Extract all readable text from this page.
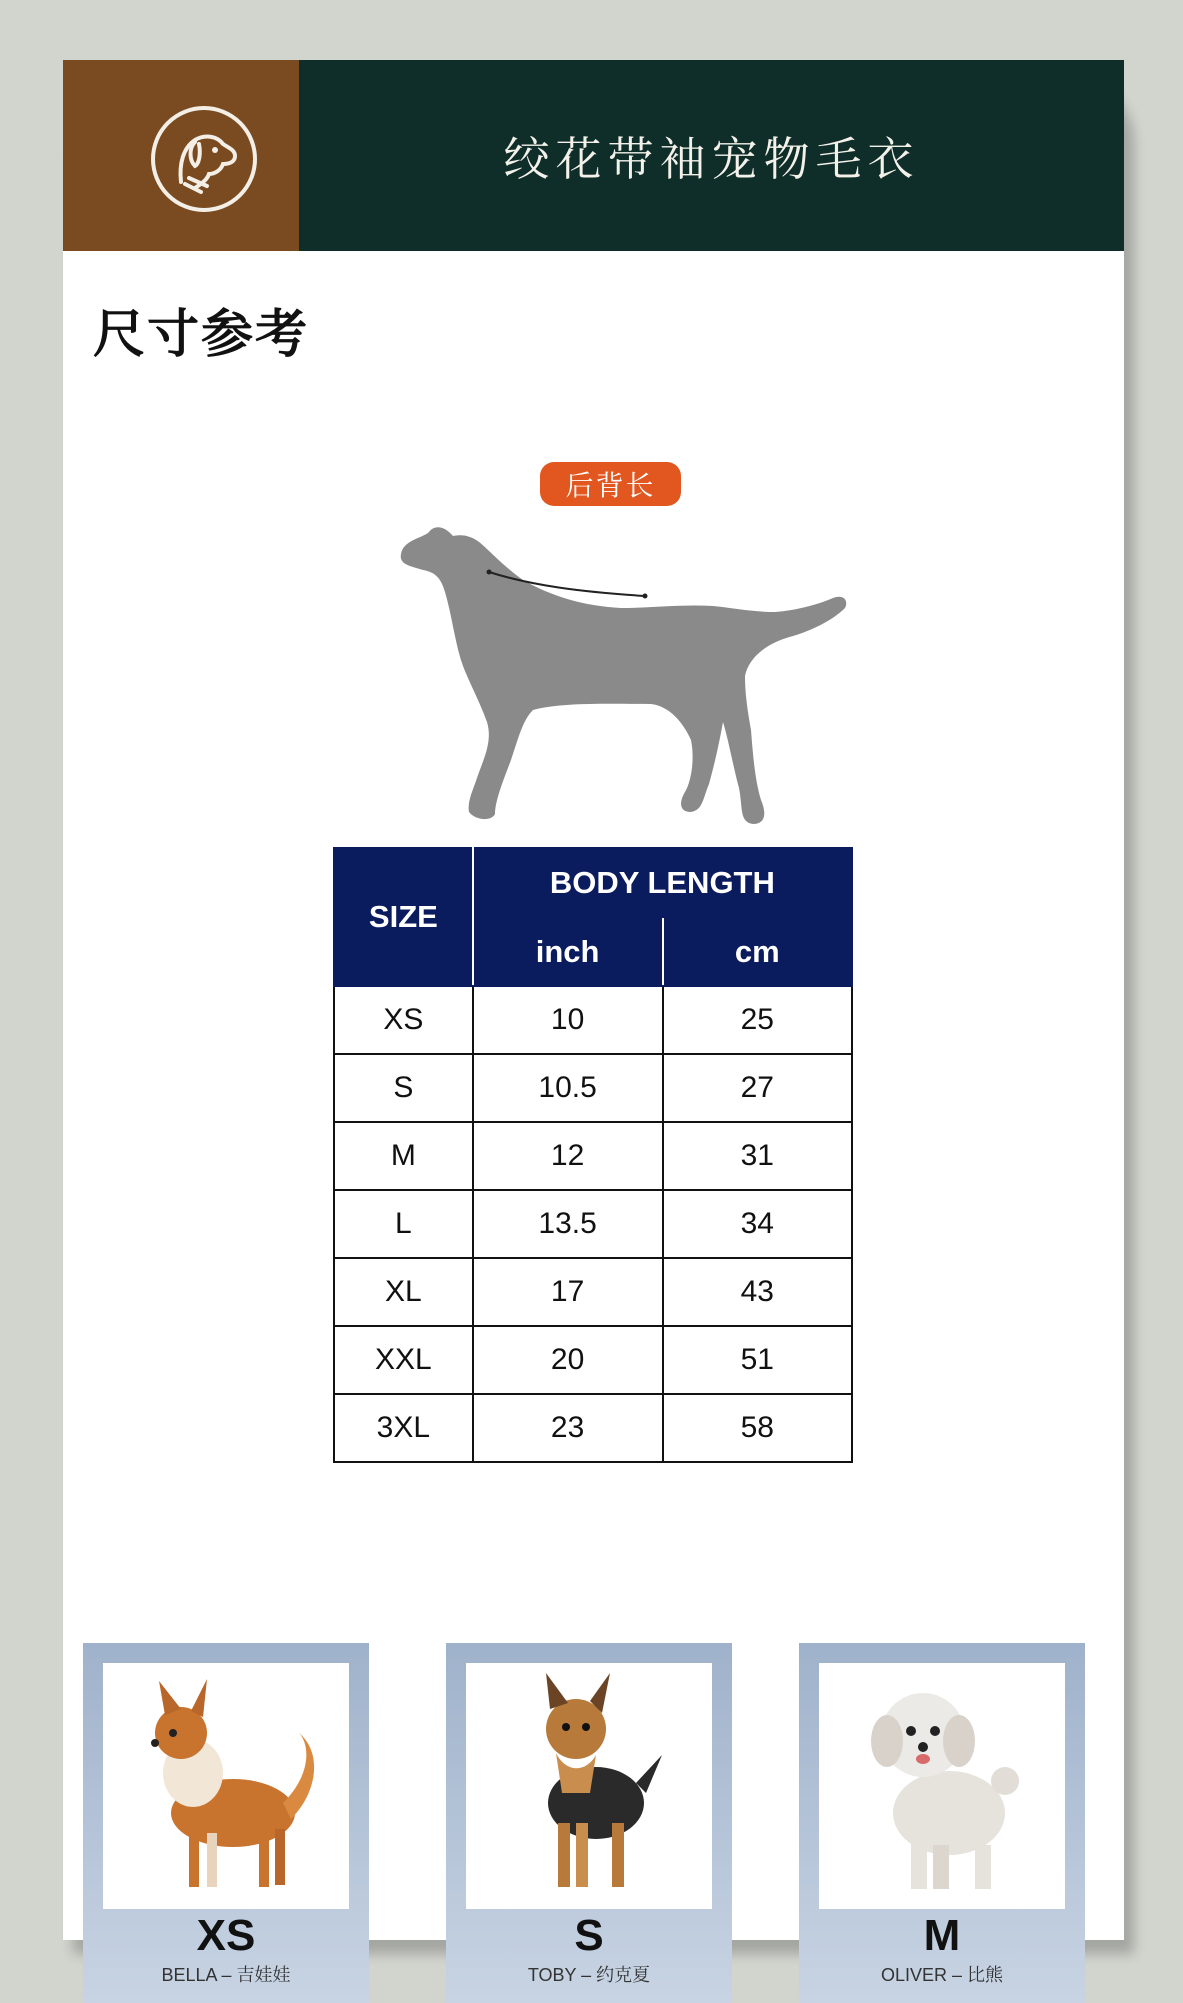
绞花带袖宠物毛衣
尺寸参考
后背长
SIZE	BODY LENGTH	
	inch	cm
XS	10	25
S	10.5	27
M	12	31
L	13.5	34
XL	17	43
XXL	20	51
3XL	23	58
XS
BELLA – 吉娃娃
S
TOBY – 约克夏
M
OLIVER – 比熊
